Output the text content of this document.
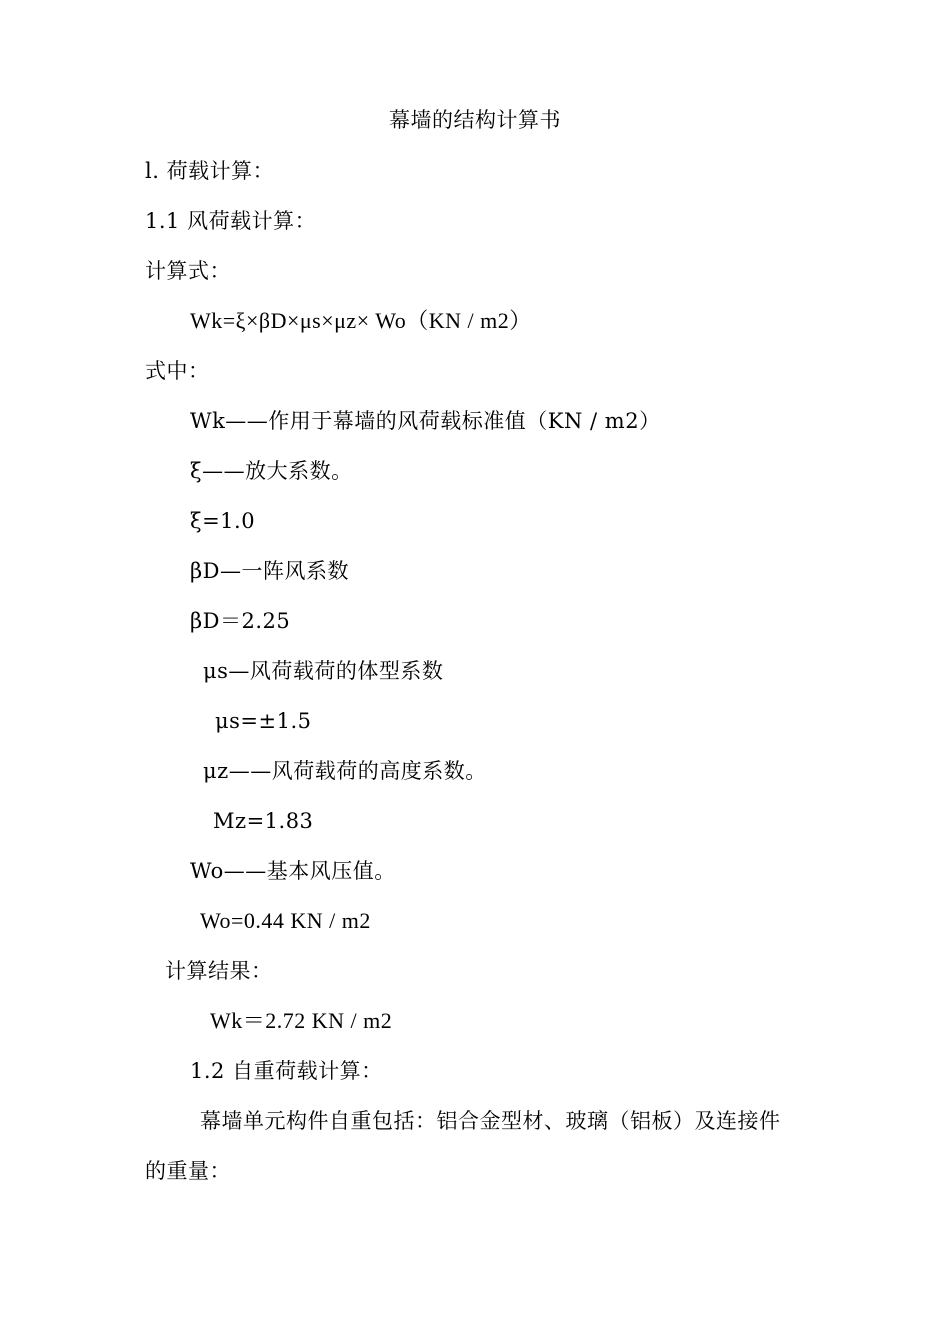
幕墙的结构计算书
l. 荷载计算：
1.1 风荷载计算：
计算式：
Wk=ξ×βD×μs×μz× Wo（KN / m2）
式中：
Wk——作用于幕墙的风荷载标准值（KN / m2）
ξ——放大系数。
ξ=1.0
βD—一阵风系数
βD＝2.25
μs—风荷载荷的体型系数
μs=±1.5
μz——风荷载荷的高度系数。
Mz=1.83
Wo——基本风压值。
Wo=0.44 KN / m2
计算结果：
Wk＝2.72 KN / m2
1.2 自重荷载计算：
幕墙单元构件自重包括：铝合金型材、玻璃（铝板）及连接件
的重量：
